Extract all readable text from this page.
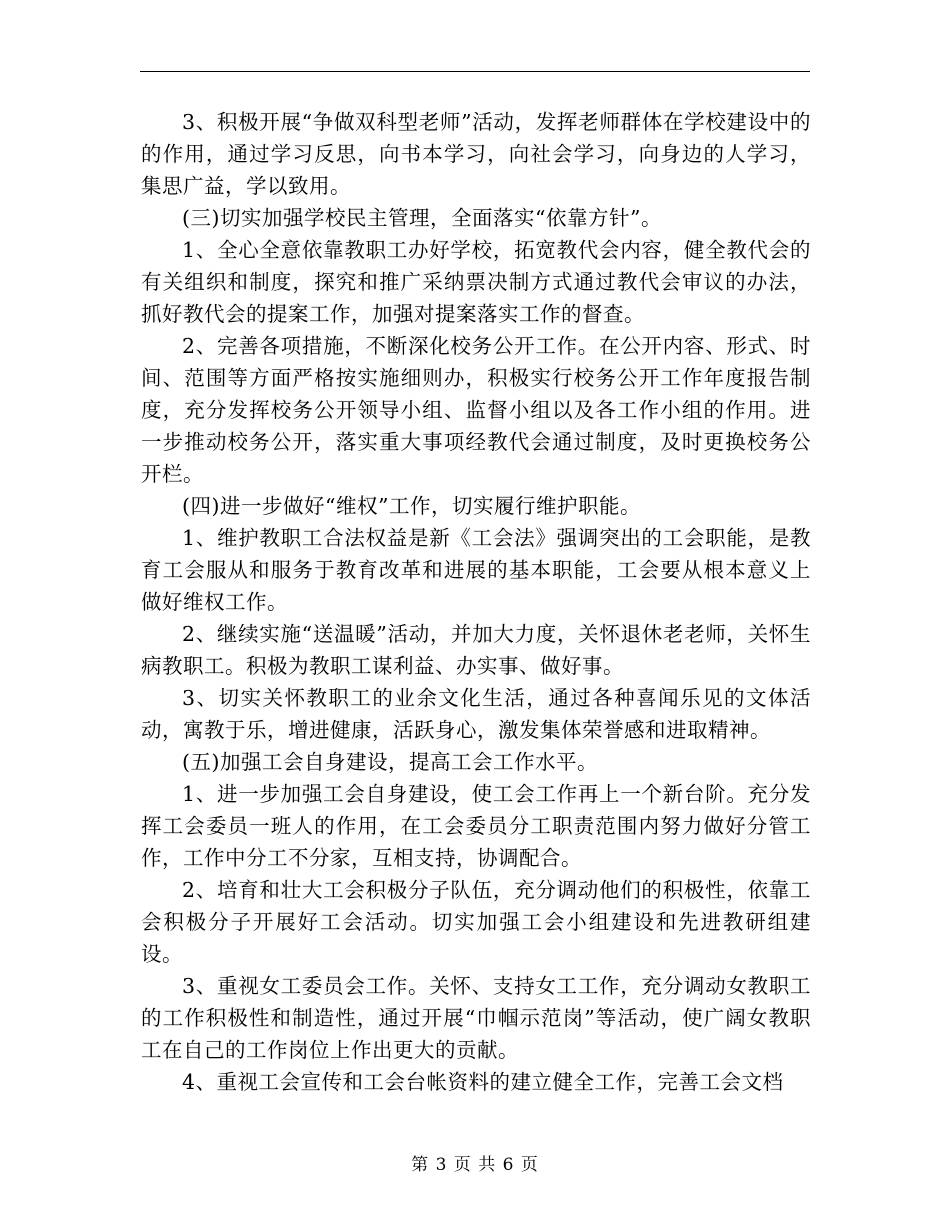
3、积极开展“争做双科型老师”活动，发挥老师群体在学校建设中的的作用，通过学习反思，向书本学习，向社会学习，向身边的人学习，集思广益，学以致用。

(三)切实加强学校民主管理，全面落实“依靠方针”。

1、全心全意依靠教职工办好学校，拓宽教代会内容，健全教代会的有关组织和制度，探究和推广采纳票决制方式通过教代会审议的办法，抓好教代会的提案工作，加强对提案落实工作的督查。

2、完善各项措施，不断深化校务公开工作。在公开内容、形式、时间、范围等方面严格按实施细则办，积极实行校务公开工作年度报告制度，充分发挥校务公开领导小组、监督小组以及各工作小组的作用。进一步推动校务公开，落实重大事项经教代会通过制度，及时更换校务公开栏。

(四)进一步做好“维权”工作，切实履行维护职能。

1、维护教职工合法权益是新《工会法》强调突出的工会职能，是教育工会服从和服务于教育改革和进展的基本职能，工会要从根本意义上做好维权工作。

2、继续实施“送温暖”活动，并加大力度，关怀退休老老师，关怀生病教职工。积极为教职工谋利益、办实事、做好事。

3、切实关怀教职工的业余文化生活，通过各种喜闻乐见的文体活动，寓教于乐，增进健康，活跃身心，激发集体荣誉感和进取精神。

(五)加强工会自身建设，提高工会工作水平。

1、进一步加强工会自身建设，使工会工作再上一个新台阶。充分发挥工会委员一班人的作用，在工会委员分工职责范围内努力做好分管工作，工作中分工不分家，互相支持，协调配合。

2、培育和壮大工会积极分子队伍，充分调动他们的积极性，依靠工会积极分子开展好工会活动。切实加强工会小组建设和先进教研组建设。

3、重视女工委员会工作。关怀、支持女工工作，充分调动女教职工的工作积极性和制造性，通过开展“巾帼示范岗”等活动，使广阔女教职工在自己的工作岗位上作出更大的贡献。

4、重视工会宣传和工会台帐资料的建立健全工作，完善工会文档

第 3 页 共 6 页
